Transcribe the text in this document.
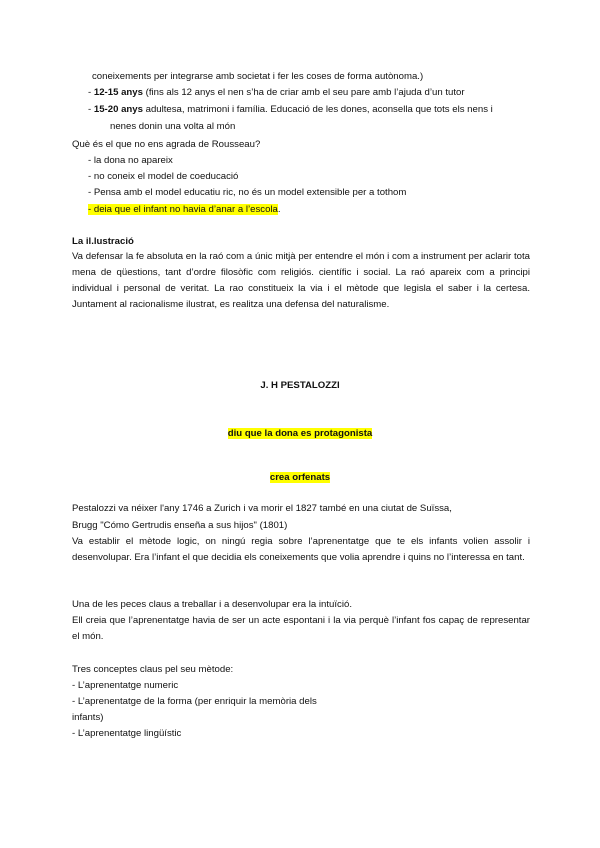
coneixements per integrarse amb societat i fer les coses de forma autònoma.)
- 12-15 anys (fins als 12 anys el nen s’ha de criar amb el seu pare amb l’ajuda d’un tutor
- 15-20 anys adultesa, matrimoni i família. Educació de les dones, aconsella que tots els nens i
nenes donin una volta al món
Què és el que no ens agrada de Rousseau?
- la dona no apareix
- no coneix el model de coeducació
- Pensa amb el model educatiu ric, no és un model extensible per a tothom
- deia que el infant no havia d’anar a l’escola.
La il.lustració
Va defensar la fe absoluta en la raó com a únic mitjà per entendre el món i com a instrument per aclarir tota mena de qüestions, tant d’ordre filosòfic com religiós. científic i social. La raó apareix com a principi individual i personal de veritat. La rao constitueix la via i el mètode que legisla el saber i la certesa. Juntament al racionalisme ilustrat, es realitza una defensa del naturalisme.
J. H PESTALOZZI
diu que la dona es protagonista
crea orfenats
Pestalozzi va néixer l'any 1746 a Zurich i va morir el 1827 també en una ciutat de Suïssa,
Brugg "Cómo Gertrudis enseña a sus hijos" (1801)
Va establir el mètode logic, on ningú regia sobre l’aprenentatge que te els infants volien assolir i desenvolupar. Era l’infant el que decidia els coneixements que volia aprendre i quins no l’interessa en tant.
Una de les peces claus a treballar i a desenvolupar era la intuïció.
Ell creia que l’aprenentatge havia de ser un acte espontani i la via perquè l’infant fos capaç de representar el món.
Tres conceptes claus pel seu mètode:
- L’aprenentatge numeric
- L’aprenentatge de la forma (per enriquir la memòria dels
infants)
- L’aprenentatge lingüístic
